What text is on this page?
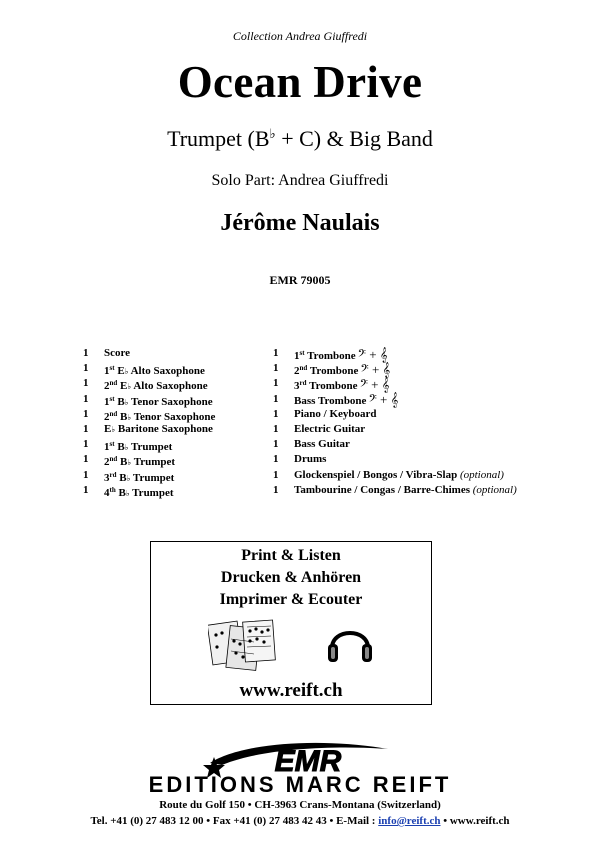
Collection Andrea Giuffredi
Ocean Drive
Trumpet (B♭ + C) & Big Band
Solo Part: Andrea Giuffredi
Jérôme Naulais
EMR 79005
1 Score
1 1st E♭ Alto Saxophone
1 2nd E♭ Alto Saxophone
1 1st B♭ Tenor Saxophone
1 2nd B♭ Tenor Saxophone
1 E♭ Baritone Saxophone
1 1st B♭ Trumpet
1 2nd B♭ Trumpet
1 3rd B♭ Trumpet
1 4th B♭ Trumpet
1 1st Trombone 𝄢 + 𝄞
1 2nd Trombone 𝄢 + 𝄞
1 3rd Trombone 𝄢 + 𝄞
1 Bass Trombone 𝄢 + 𝄞
1 Piano / Keyboard
1 Electric Guitar
1 Bass Guitar
1 Drums
1 Glockenspiel / Bongos / Vibra-Slap (optional)
1 Tambourine / Congas / Barre-Chimes (optional)
Print & Listen
Drucken & Anhören
Imprimer & Ecouter
www.reift.ch
EMR
EDITIONS MARC REIFT
Route du Golf 150 • CH-3963 Crans-Montana (Switzerland)
Tel. +41 (0) 27 483 12 00 • Fax +41 (0) 27 483 42 43 • E-Mail : info@reift.ch • www.reift.ch
